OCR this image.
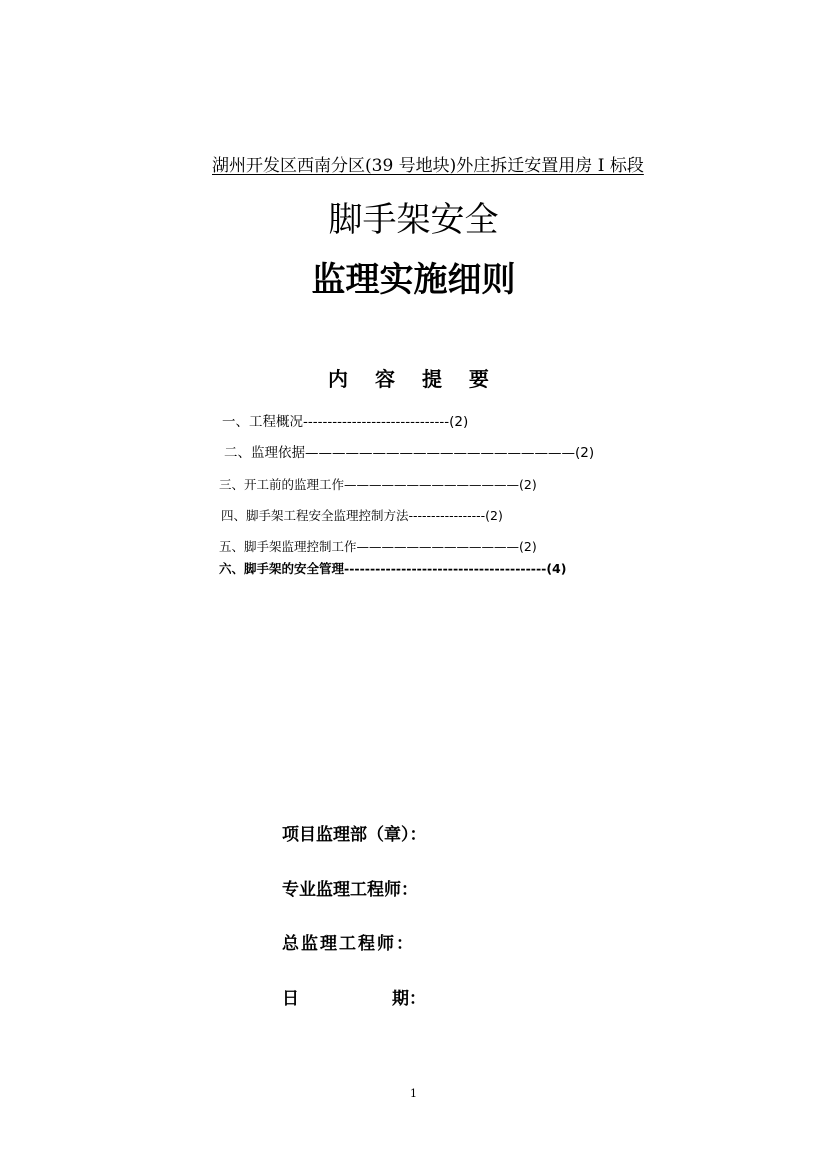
湖州开发区西南分区(39 号地块)外庄拆迁安置用房 I 标段
脚手架安全
监理实施细则
内 容 提 要
一、工程概况------------------------------(2)
二、监理依据————————————————————(2)
三、开工前的监理工作——————————————(2)
四、脚手架工程安全监理控制方法-----------------(2)
五、脚手架监理控制工作—————————————(2)
六、脚手架的安全管理---------------------------------------(4)
项目监理部（章）：
专业监理工程师：
总监理工程师：
日	期：
1
